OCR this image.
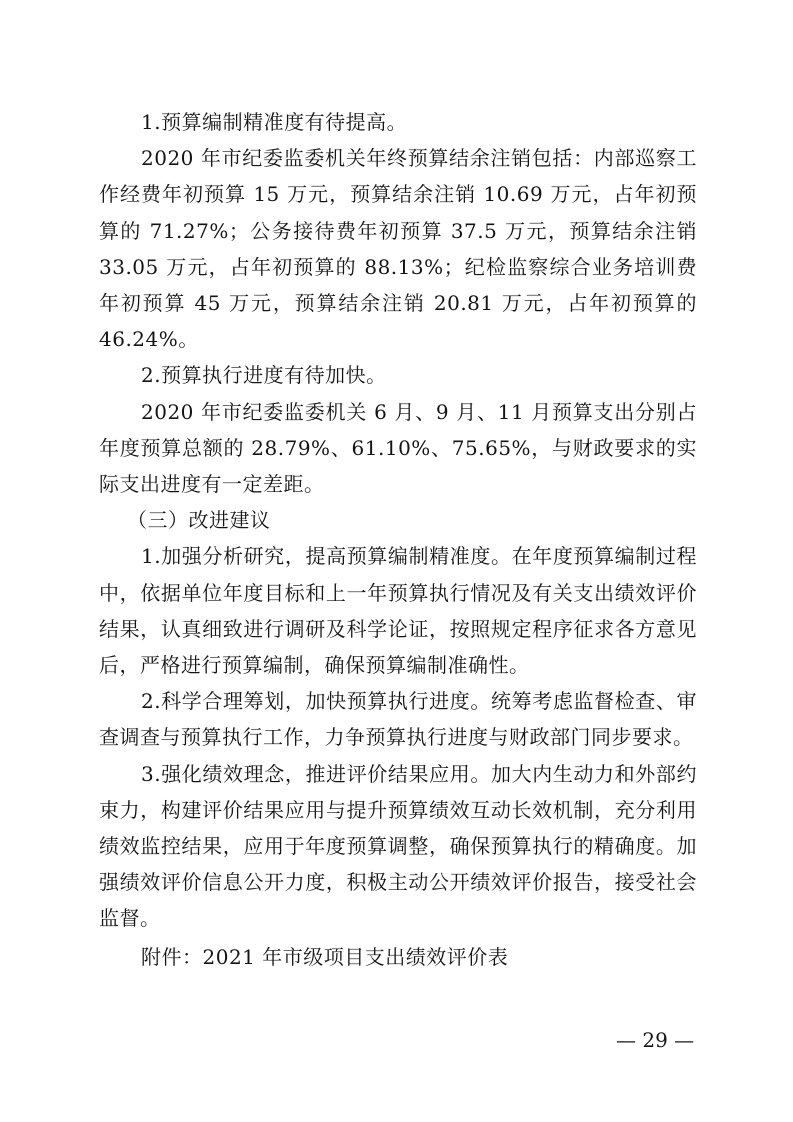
1.预算编制精准度有待提高。

2020 年市纪委监委机关年终预算结余注销包括：内部巡察工作经费年初预算 15 万元，预算结余注销 10.69 万元，占年初预算的 71.27%；公务接待费年初预算 37.5 万元，预算结余注销 33.05 万元，占年初预算的 88.13%；纪检监察综合业务培训费年初预算 45 万元，预算结余注销 20.81 万元，占年初预算的 46.24%。

2.预算执行进度有待加快。

2020 年市纪委监委机关 6 月、9 月、11 月预算支出分别占年度预算总额的 28.79%、61.10%、75.65%，与财政要求的实际支出进度有一定差距。

（三）改进建议

1.加强分析研究，提高预算编制精准度。在年度预算编制过程中，依据单位年度目标和上一年预算执行情况及有关支出绩效评价结果，认真细致进行调研及科学论证，按照规定程序征求各方意见后，严格进行预算编制，确保预算编制准确性。

2.科学合理筹划，加快预算执行进度。统筹考虑监督检查、审查调查与预算执行工作，力争预算执行进度与财政部门同步要求。

3.强化绩效理念，推进评价结果应用。加大内生动力和外部约束力，构建评价结果应用与提升预算绩效互动长效机制，充分利用绩效监控结果，应用于年度预算调整，确保预算执行的精确度。加强绩效评价信息公开力度，积极主动公开绩效评价报告，接受社会监督。

附件：2021 年市级项目支出绩效评价表

— 29 —
